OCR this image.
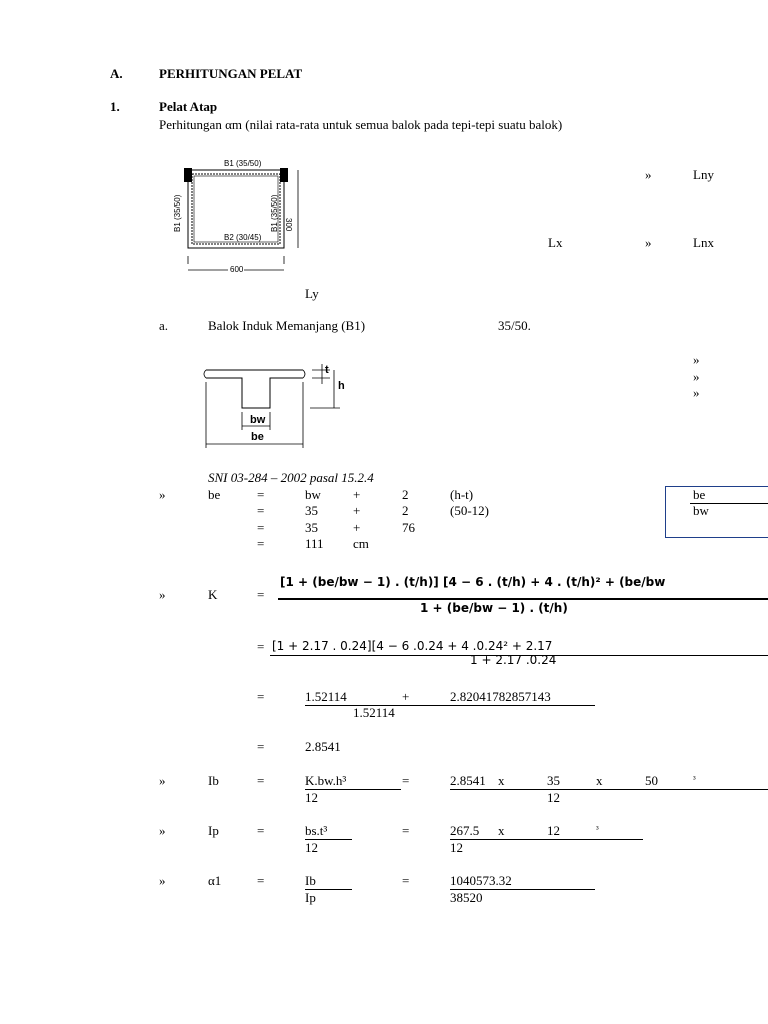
A.	PERHITUNGAN PELAT
1.	Pelat Atap
Perhitungan αm (nilai rata-rata untuk semua balok pada tepi-tepi suatu balok)
B1 (35/50)
B1 (35/50)	B1 (35/50)
B2 (30/45)
300
600
»	Lny
Lx	»	Lnx
Ly
a.	Balok Induk Memanjang (B1)	35/50.
»
»
»
t
h
bw
be
SNI 03-284 – 2002 pasal 15.2.4
»	be	=	bw +	2	(h-t)
=	35	+	2	(50-12)
=	35	+	76
=	111 cm
be
bw
»	K	=
[1 + (be/bw − 1) . (t/h)] [4 − 6 . (t/h) + 4 . (t/h)² + (be/bw
1 + (be/bw − 1) . (t/h)
= [1 + 2.17 . 0.24][4 − 6 .0.24 + 4 .0.24² + 2.17
1 + 2.17 .0.24
=	1.52114	+	2.82041782857143
1.52114
=	2.8541
»	Ib	=	K.bw.h³
12
=	2.8541 x	35	x	50	³
12
»	Ip	=	bs.t³
12
=	267.5 x	12	³
12
»	α1	=	Ib
Ip
=	1040573.32
38520
